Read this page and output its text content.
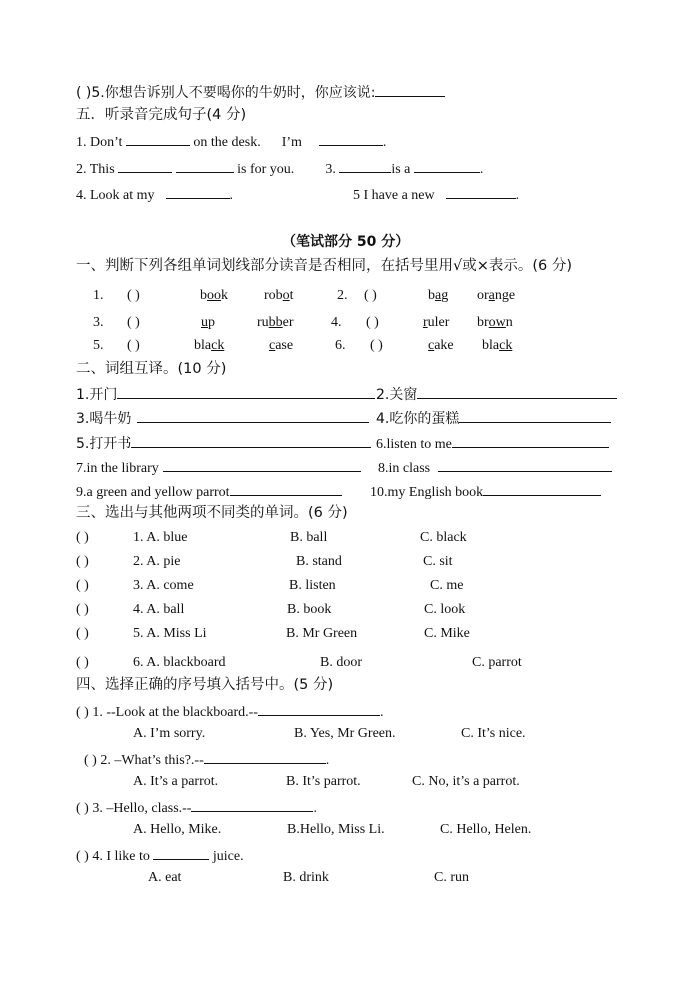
( )5.你想告诉别人不要喝你的牛奶时，你应该说:
五．听录音完成句子(4 分)
1. Don’t	on the desk. I’m	.
2. This	is for you. 3.	is a	.
4. Look at my	.	5 I have a new	.
（笔试部分 50 分）
一、判断下列各组单词划线部分读音是否相同，在括号里用√或×表示。(6 分)
1. ( )	book	robot	2. ( )	bag orange
3. ( )	up	rubber	4. ( )	ruler brown
5. ( )	black	case	6. ( )	cake black
二、词组互译。(10 分)
1.开门	2.关窗
3.喝牛奶	4.吃你的蛋糕
5.打开书	6.listen to me
7.in the library	8.in class
9.a green and yellow parrot	10.my English book
三、选出与其他两项不同类的单词。(6 分)
( )	1. A. blue	B. ball	C. black
( )	2. A. pie	B. stand	C. sit
( )	3. A. come	B. listen	C. me
( )	4. A. ball	B. book	C. look
( )	5. A. Miss Li	B. Mr Green	C. Mike
( )	6. A. blackboard	B. door	C. parrot
四、选择正确的序号填入括号中。(5 分)
( ) 1. --Look at the blackboard.--	.
A. I’m sorry.	B. Yes, Mr Green.	C. It’s nice.
( ) 2. –What’s this?.--	.
A. It’s a parrot.	B. It’s parrot.	C. No, it’s a parrot.
( ) 3. –Hello, class.--	.
A. Hello, Mike.	B.Hello, Miss Li.	C. Hello, Helen.
( ) 4. I like to	juice.
A. eat	B. drink	C. run
